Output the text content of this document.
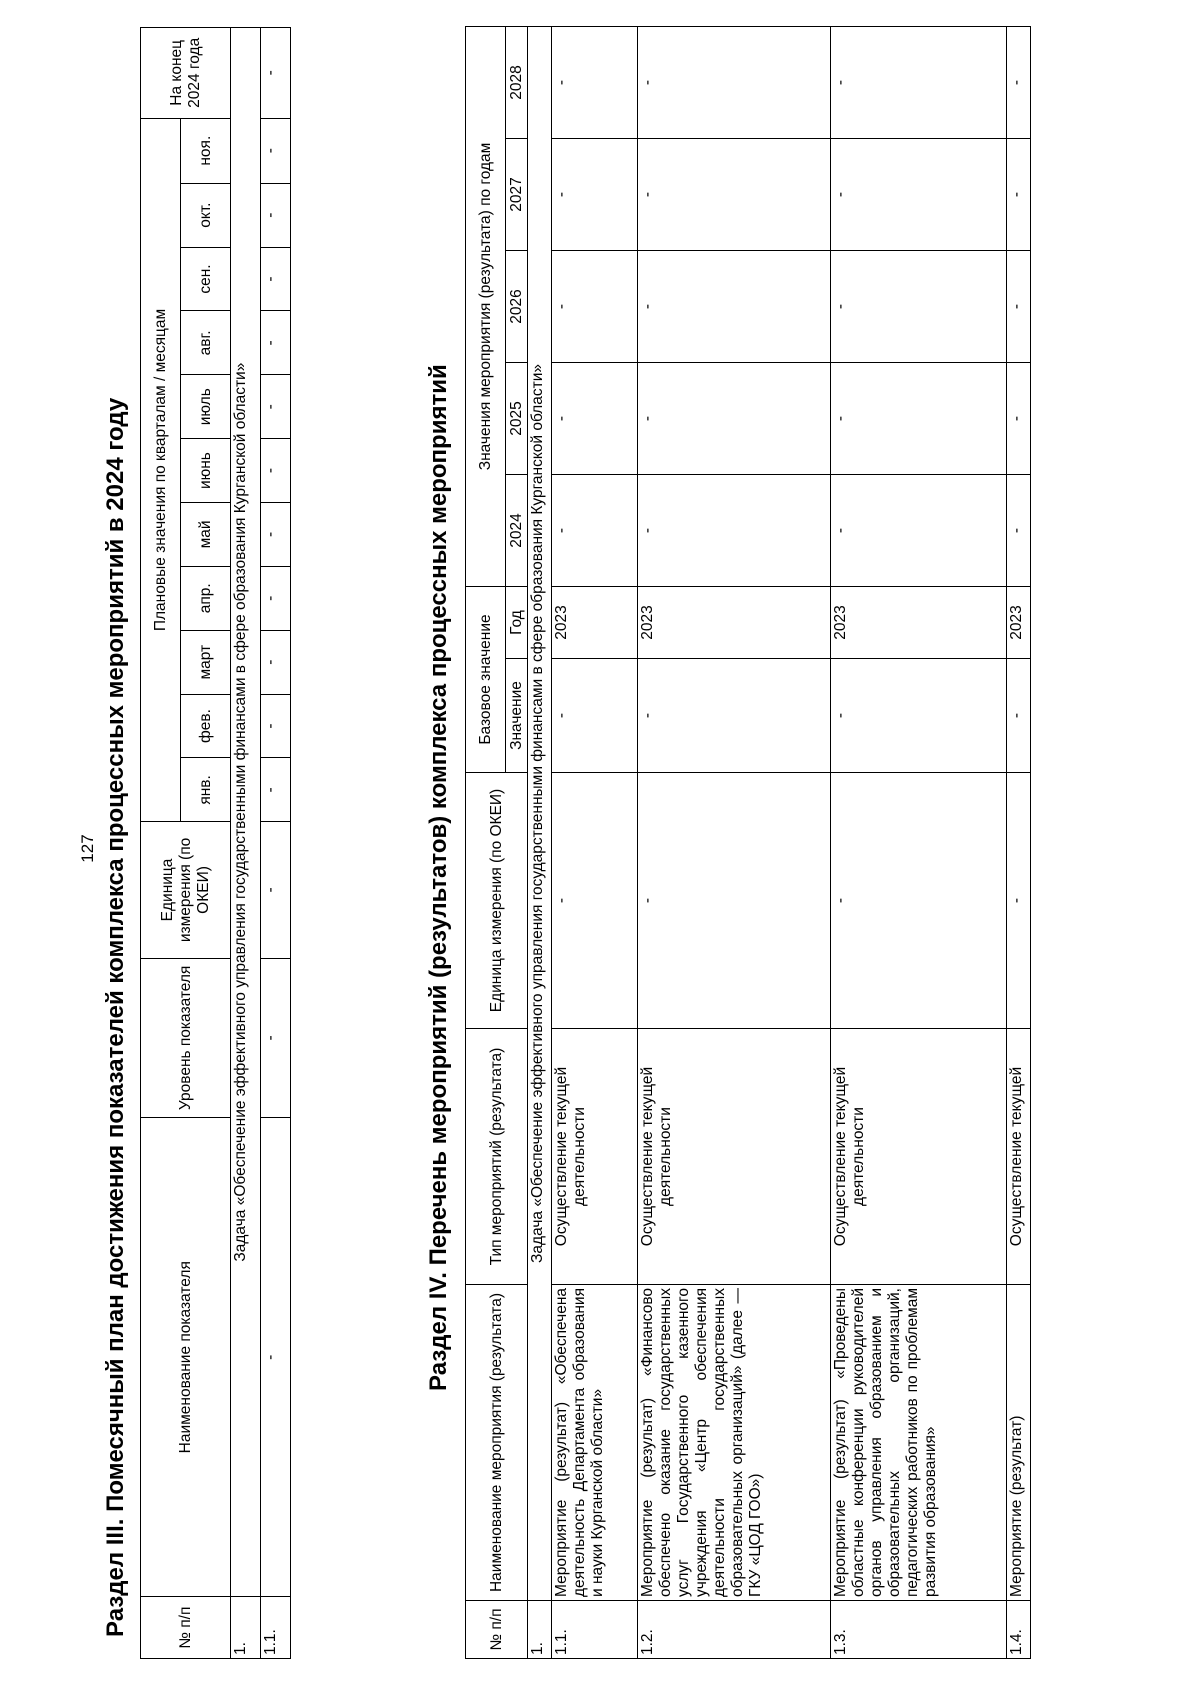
127 Раздел III. Помесячный план достижения показателей комплекса процессных мероприятий в 2024 году	№ п/п	Наименование показателя	Уровень показателя	Единица измерения (по ОКЕИ)	Плановые значения по кварталам / месяцам											На конец 2024 года
				янв.	фев.	март	апр.	май	июнь	июль	авг.	сен.	окт.	ноя.	
1.	Задача «Обеспечение эффективного управления государственными финансами в сфере образования Курганской области»														
1.1.	-	-	-	-	-	-	-	-	-	-	-	-	-	-	-
Раздел IV. Перечень мероприятий (результатов) комплекса процессных мероприятий
№ п/п	Наименование мероприятия (результата)	Тип мероприятий (результата)	Единица измерения (по ОКЕИ)	Базовое значение		Значения мероприятия (результата) по годам				
				Значение	Год	2024	2025	2026	2027	2028
1.	Задача «Обеспечение эффективного управления государственными финансами в сфере образования Курганской области»									
1.1.	Мероприятие (результат) «Обеспечена деятельность Департамента образования и науки Курганской области»	Осуществление текущей деятельности	-	-	2023	-	-	-	-	-
1.2.	Мероприятие (результат) «Финансово обеспечено оказание государственных услуг Государственного казенного учреждения «Центр обеспечения деятельности государственных образовательных организаций» (далее — ГКУ «ЦОД ГОО»)	Осуществление текущей деятельности	-	-	2023	-	-	-	-	-
1.3.	Мероприятие (результат) «Проведены областные конференции руководителей органов управления образованием и образовательных организаций, педагогических работников по проблемам развития образования»	Осуществление текущей деятельности	-	-	2023	-	-	-	-	-
1.4.	Мероприятие (результат)	Осуществление текущей	-	-	2023	-	-	-	-	-
